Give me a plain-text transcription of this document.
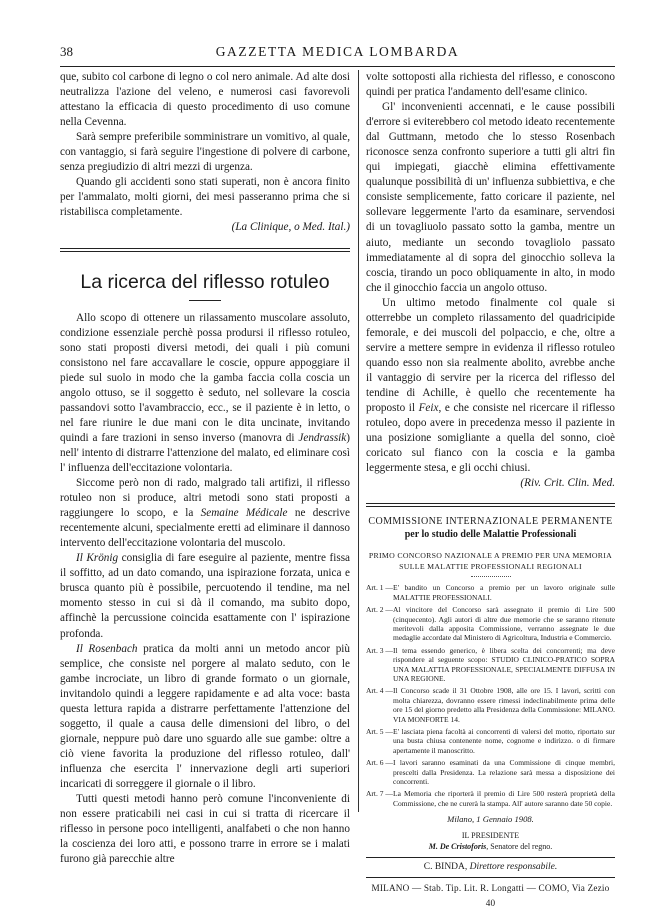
38	GAZZETTA MEDICA LOMBARDA

que, subito col carbone di legno o col nero animale. Ad alte dosi neutralizza l'azione del veleno, e numerosi casi favorevoli attestano la efficacia di questo procedimento di uso comune nella Cevenna.

Sarà sempre preferibile somministrare un vomitivo, al quale, con vantaggio, si farà seguire l'ingestione di polvere di carbone, senza pregiudizio di altri mezzi di urgenza.

Quando gli accidenti sono stati superati, non è ancora finito per l'ammalato, molti giorni, dei mesi passeranno prima che si ristabilisca completamente.

(La Clinique, o Med. Ital.)

La ricerca del riflesso rotuleo

Allo scopo di ottenere un rilassamento muscolare assoluto, condizione essenziale perchè possa prodursi il riflesso rotuleo, sono stati proposti diversi metodi, dei quali i più comuni consistono nel fare accavallare le coscie, oppure appoggiare il piede sul suolo in modo che la gamba faccia colla coscia un angolo ottuso, se il soggetto è seduto, nel sollevare la coscia passandovi sotto l'avambraccio, ecc., se il paziente è in letto, o nel fare riunire le due mani con le dita uncinate, invitando quindi a fare trazioni in senso inverso (manovra di Jendrassik) nell' intento di distrarre l'attenzione del malato, ed eliminare così l' influenza dell'eccitazione volontaria.

Siccome però non di rado, malgrado tali artifizi, il riflesso rotuleo non si produce, altri metodi sono stati proposti a raggiungere lo scopo, e la Semaine Médicale ne descrive recentemente alcuni, specialmente eretti ad eliminare il dannoso intervento dell'eccitazione volontaria del muscolo.

Il Krönig consiglia di fare eseguire al paziente, mentre fissa il soffitto, ad un dato comando, una ispirazione forzata, unica e brusca quanto più è possibile, percuotendo il tendine, ma nel momento stesso in cui si dà il comando, ma subito dopo, affinchè la percussione coincida esattamente con l' ispirazione profonda.

Il Rosenbach pratica da molti anni un metodo ancor più semplice, che consiste nel porgere al malato seduto, con le gambe incrociate, un libro di grande formato o un giornale, invitandolo quindi a leggere rapidamente e ad alta voce: basta questa lettura rapida a distrarre perfettamente l'attenzione del soggetto, il quale a causa delle dimensioni del libro, o del giornale, neppure può dare uno sguardo alle sue gambe: oltre a ciò viene favorita la produzione del riflesso rotuleo, dall' influenza che esercita l' innervazione degli arti superiori incaricati di sorreggere il giornale o il libro.

Tutti questi metodi hanno però comune l'inconveniente di non essere praticabili nei casi in cui si tratta di ricercare il riflesso in persone poco intelligenti, analfabeti o che non hanno la coscienza dei loro atti, e possono trarre in errore se i malati furono già parecchie altre

volte sottoposti alla richiesta del riflesso, e conoscono quindi per pratica l'andamento dell'esame clinico.

Gl' inconvenienti accennati, e le cause possibili d'errore si eviterebbero col metodo ideato recentemente dal Guttmann, metodo che lo stesso Rosenbach riconosce senza confronto superiore a tutti gli altri fin qui impiegati, giacchè elimina effettivamente qualunque possibilità di un' influenza subbiettiva, e che consiste semplicemente, fatto coricare il paziente, nel sollevare leggermente l'arto da esaminare, servendosi di un tovagliuolo passato sotto la gamba, mentre un aiuto, mediante un secondo tovagliolo passato immediatamente al di sopra del ginocchio solleva la coscia, tirando un poco obliquamente in alto, in modo che il ginocchio faccia un angolo ottuso.

Un ultimo metodo finalmente col quale si otterrebbe un completo rilassamento del quadricipide femorale, e dei muscoli del polpaccio, e che, oltre a servire a mettere sempre in evidenza il riflesso rotuleo quando esso non sia realmente abolito, avrebbe anche il vantaggio di servire per la ricerca del riflesso del tendine di Achille, è quello che recentemente ha proposto il Feix, e che consiste nel ricercare il riflesso rotuleo, dopo avere in precedenza messo il paziente in una posizione somigliante a quella del sonno, cioè coricato sul fianco con la coscia e la gamba leggermente stesa, e gli occhi chiusi.

(Riv. Crit. Clin. Med.

COMMISSIONE INTERNAZIONALE PERMANENTE
per lo studio delle Malattie Professionali
PRIMO CONCORSO NAZIONALE A PREMIO PER UNA MEMORIA SULLE MALATTIE PROFESSIONALI REGIONALI
Art. 1 — E' bandito un Concorso a premio per un lavoro originale sulle MALATTIE PROFESSIONALI.
Art. 2 — Al vincitore del Concorso sarà assegnato il premio di Lire 500 (cinquecento). Agli autori di altre due memorie che se saranno ritenute meritevoli dalla apposita Commissione, verranno assegnate le due medaglie accordate dal Ministero di Agricoltura, Industria e Commercio.
Art. 3 — Il tema essendo generico, è libera scelta dei concorrenti; ma deve rispondere al seguente scopo: STUDIO CLINICO-PRATICO SOPRA UNA MALATTIA PROFESSIONALE, SPECIALMENTE DIFFUSA IN UNA REGIONE.
Art. 4 — Il Concorso scade il 31 Ottobre 1908, alle ore 15. I lavori, scritti con molta chiarezza, dovranno essere rimessi indeclinabilmente prima delle ore 15 del giorno predetto alla Presidenza della Commissione: MILANO. VIA MONFORTE 14.
Art. 5 — E' lasciata piena facoltà ai concorrenti di valersi del motto, riportato sur una busta chiusa contenente nome, cognome e indirizzo. o di firmare apertamente il manoscritto.
Art. 6 — I lavori saranno esaminati da una Commissione di cinque membri, prescelti dalla Presidenza. La relazione sarà messa a disposizione dei concorrenti.
Art. 7 — La Memoria che riporterà il premio di Lire 500 resterà proprietà della Commissione, che ne curerà la stampa. All' autore saranno date 50 copie.
Milano, 1 Gennaio 1908.
IL PRESIDENTE
M. De Cristoforis, Senatore del regno.
C. BINDA, Direttore responsabile.
MILANO — Stab. Tip. Lit. R. Longatti — COMO, Via Zezio 40
